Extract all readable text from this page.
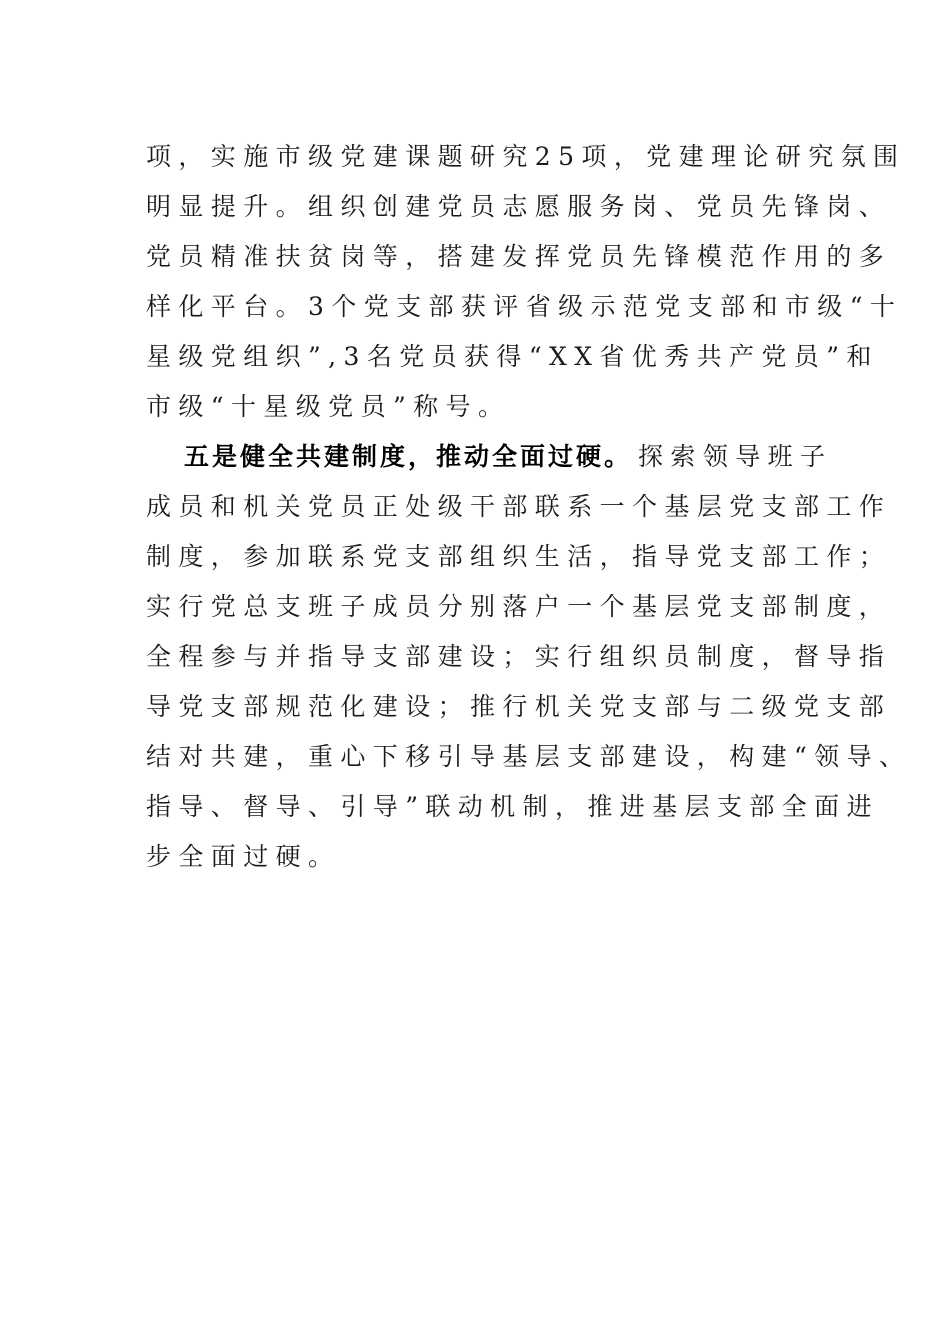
项，实施市级党建课题研究25项，党建理论研究氛围
明显提升。组织创建党员志愿服务岗、党员先锋岗、
党员精准扶贫岗等，搭建发挥党员先锋模范作用的多
样化平台。3个党支部获评省级示范党支部和市级“十
星级党组织”,3名党员获得“XX省优秀共产党员”和
市级“十星级党员”称号。
五是健全共建制度，推动全面过硬。 探索领导班子
成员和机关党员正处级干部联系一个基层党支部工作
制度，参加联系党支部组织生活，指导党支部工作；
实行党总支班子成员分别落户一个基层党支部制度，
全程参与并指导支部建设；实行组织员制度，督导指
导党支部规范化建设；推行机关党支部与二级党支部
结对共建，重心下移引导基层支部建设，构建“领导、
指导、督导、引导”联动机制，推进基层支部全面进
步全面过硬。
